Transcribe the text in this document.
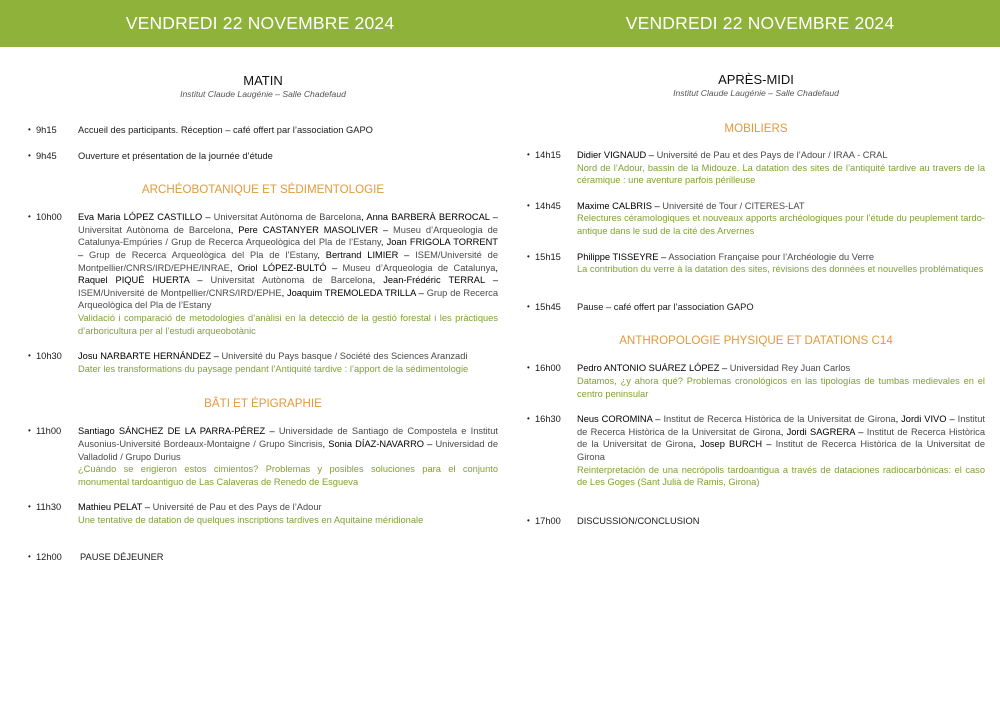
VENDREDI 22 NOVEMBRE 2024	VENDREDI 22 NOVEMBRE 2024
MATIN
Institut Claude Laugénie – Salle Chadefaud
• 9h15	Accueil des participants. Réception – café offert par l’association GAPO
• 9h45	Ouverture et présentation de la journée d’étude
ARCHÉOBOTANIQUE ET SÉDIMENTOLOGIE
• 10h00	Eva Maria LÓPEZ CASTILLO – Universitat Autònoma de Barcelona, Anna BARBERÀ BERROCAL – Universitat Autònoma de Barcelona, Pere CASTANYER MASOLIVER – Museu d’Arqueologia de Catalunya-Empúries / Grup de Recerca Arqueològica del Pla de l’Estany, Joan FRIGOLA TORRENT – Grup de Recerca Arqueològica del Pla de l’Estany, Bertrand LIMIER – ISEM/Université de Montpellier/CNRS/IRD/EPHE/INRAE, Oriol LÓPEZ-BULTÓ – Museu d’Arqueologia de Catalunya, Raquel PIQUÉ HUERTA – Universitat Autònoma de Barcelona, Jean-Frédéric TERRAL – ISEM/Université de Montpellier/CNRS/IRD/EPHE, Joaquim TREMOLEDA TRILLA – Grup de Recerca Arqueològica del Pla de l’Estany
Validació i comparació de metodologies d’anàlisi en la detecció de la gestió forestal i les pràctiques d’arboricultura per al l’estudi arqueobotànic
• 10h30	Josu NARBARTE HERNÁNDEZ – Université du Pays basque / Société des Sciences Aranzadi
Dater les transformations du paysage pendant l’Antiquité tardive : l’apport de la sédimentologie
BÂTI ET ÉPIGRAPHIE
• 11h00	Santiago SÁNCHEZ DE LA PARRA-PÉREZ – Universidade de Santiago de Compostela e Institut Ausonius-Université Bordeaux-Montaigne / Grupo Sincrisis, Sonia DÍAZ-NAVARRO – Universidad de Valladolid / Grupo Durius
¿Cuándo se erigieron estos cimientos? Problemas y posibles soluciones para el conjunto monumental tardoantiguo de Las Calaveras de Renedo de Esgueva
• 11h30	Mathieu PELAT – Université de Pau et des Pays de l’Adour
Une tentative de datation de quelques inscriptions tardives en Aquitaine méridionale
• 12h00	PAUSE DÉJEUNER
APRÈS-MIDI
Institut Claude Laugénie – Salle Chadefaud
MOBILIERS
• 14h15	Didier VIGNAUD – Université de Pau et des Pays de l’Adour / IRAA - CRAL
Nord de l’Adour, bassin de la Midouze. La datation des sites de l’antiquité tardive au travers de la céramique : une aventure parfois périlleuse
• 14h45	Maxime CALBRIS – Université de Tour / CITERES-LAT
Relectures céramologiques et nouveaux apports archéologiques pour l’étude du peuplement tardo-antique dans le sud de la cité des Arvernes
• 15h15	Philippe TISSEYRE – Association Française pour l’Archéologie du Verre
La contribution du verre à la datation des sites, révisions des données et nouvelles problématiques
• 15h45	Pause – café offert par l’association GAPO
ANTHROPOLOGIE PHYSIQUE ET DATATIONS C14
• 16h00	Pedro ANTONIO SUÁREZ LÓPEZ – Universidad Rey Juan Carlos
Datamos, ¿y ahora qué? Problemas cronológicos en las tipologías de tumbas medievales en el centro peninsular
• 16h30	Neus COROMINA – Institut de Recerca Històrica de la Universitat de Girona, Jordi VIVO – Institut de Recerca Històrica de la Universitat de Girona, Jordi SAGRERA – Institut de Recerca Històrica de la Universitat de Girona, Josep BURCH – Institut de Recerca Històrica de la Universitat de Girona
Reinterpretación de una necrópolis tardoantigua a través de dataciones radiocarbónicas: el caso de Les Goges (Sant Julià de Ramis, Girona)
• 17h00	DISCUSSION/CONCLUSION
